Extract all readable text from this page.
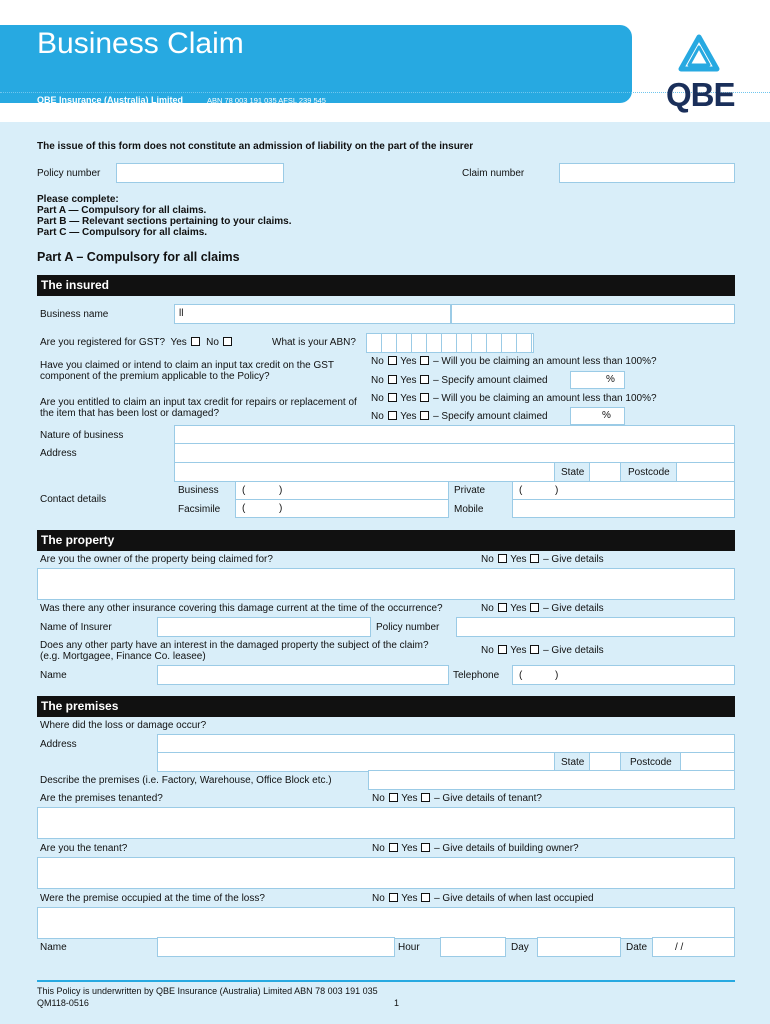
Business Claim
QBE Insurance (Australia) Limited	ABN 78 003 191 035 AFSL 239 545	QBE
The issue of this form does not constitute an admission of liability on the part of the insurer
Policy number	Claim number
Please complete:
Part A — Compulsory for all claims.
Part B — Relevant sections pertaining to your claims.
Part C — Compulsory for all claims.
Part A – Compulsory for all claims
The insured
Business name	ll
Are you registered for GST? Yes No	What is your ABN?
Have you claimed or intend to claim an input tax credit on the GST component of the premium applicable to the Policy?
No Yes – Will you be claiming an amount less than 100%?
No Yes – Specify amount claimed	%
Are you entitled to claim an input tax credit for repairs or replacement of the item that has been lost or damaged?
No Yes – Will you be claiming an amount less than 100%?
No Yes – Specify amount claimed	%
Nature of business
Address
State	Postcode
Contact details
Business (	)	Private	(	)
Facsimile (	)	Mobile
The property
Are you the owner of the property being claimed for?	No Yes – Give details
Was there any other insurance covering this damage current at the time of the occurrence?	No Yes – Give details
Name of Insurer	Policy number
Does any other party have an interest in the damaged property the subject of the claim?
(e.g. Mortgagee, Finance Co. leasee)
No Yes – Give details
Name	Telephone (	)
The premises
Where did the loss or damage occur?
Address
State	Postcode
Describe the premises (i.e. Factory, Warehouse, Office Block etc.)
Are the premises tenanted?	No Yes – Give details of tenant?
Are you the tenant?	No Yes – Give details of building owner?
Were the premise occupied at the time of the loss?	No Yes – Give details of when last occupied
Name	Hour	Day	Date	/ /
This Policy is underwritten by QBE Insurance (Australia) Limited ABN 78 003 191 035
QM118-0516	1
